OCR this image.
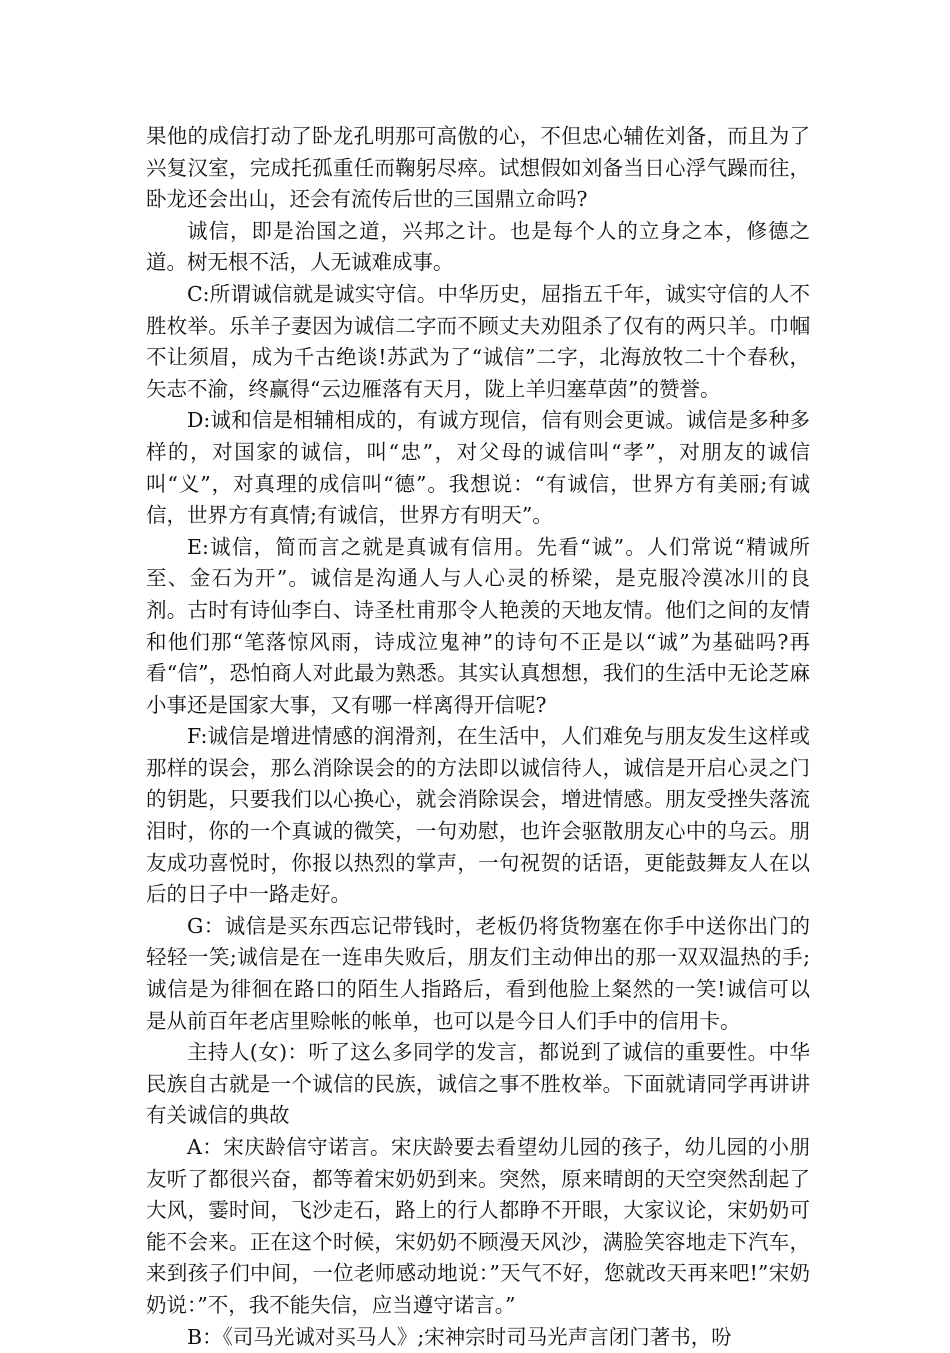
果他的成信打动了卧龙孔明那可高傲的心，不但忠心辅佐刘备，而且为了兴复汉室，完成托孤重任而鞠躬尽瘁。试想假如刘备当日心浮气躁而往，卧龙还会出山，还会有流传后世的三国鼎立命吗?

诚信，即是治国之道，兴邦之计。也是每个人的立身之本，修德之道。树无根不活，人无诚难成事。

C:所谓诚信就是诚实守信。中华历史，屈指五千年，诚实守信的人不胜枚举。乐羊子妻因为诚信二字而不顾丈夫劝阻杀了仅有的两只羊。巾帼不让须眉，成为千古绝谈!苏武为了“诚信”二字，北海放牧二十个春秋，矢志不渝，终赢得“云边雁落有天月，陇上羊归塞草茵”的赞誉。

D:诚和信是相辅相成的，有诚方现信，信有则会更诚。诚信是多种多样的，对国家的诚信，叫“忠”，对父母的诚信叫“孝”，对朋友的诚信叫“义”，对真理的成信叫“德”。我想说：“有诚信，世界方有美丽;有诚信，世界方有真情;有诚信，世界方有明天”。

E:诚信，简而言之就是真诚有信用。先看“诚”。人们常说“精诚所至、金石为开”。诚信是沟通人与人心灵的桥梁，是克服冷漠冰川的良剂。古时有诗仙李白、诗圣杜甫那令人艳羡的天地友情。他们之间的友情和他们那“笔落惊风雨，诗成泣鬼神”的诗句不正是以“诚”为基础吗?再看“信”，恐怕商人对此最为熟悉。其实认真想想，我们的生活中无论芝麻小事还是国家大事，又有哪一样离得开信呢?

F:诚信是增进情感的润滑剂，在生活中，人们难免与朋友发生这样或那样的误会，那么消除误会的的方法即以诚信待人，诚信是开启心灵之门的钥匙，只要我们以心换心，就会消除误会，增进情感。朋友受挫失落流泪时，你的一个真诚的微笑，一句劝慰，也许会驱散朋友心中的乌云。朋友成功喜悦时，你报以热烈的掌声，一句祝贺的话语，更能鼓舞友人在以后的日子中一路走好。

G：诚信是买东西忘记带钱时，老板仍将货物塞在你手中送你出门的轻轻一笑;诚信是在一连串失败后，朋友们主动伸出的那一双双温热的手;诚信是为徘徊在路口的陌生人指路后，看到他脸上粲然的一笑!诚信可以是从前百年老店里赊帐的帐单，也可以是今日人们手中的信用卡。

主持人(女)：听了这么多同学的发言，都说到了诚信的重要性。中华民族自古就是一个诚信的民族，诚信之事不胜枚举。下面就请同学再讲讲有关诚信的典故

A：宋庆龄信守诺言。宋庆龄要去看望幼儿园的孩子，幼儿园的小朋友听了都很兴奋，都等着宋奶奶到来。突然，原来晴朗的天空突然刮起了大风，霎时间，飞沙走石，路上的行人都睁不开眼，大家议论，宋奶奶可能不会来。正在这个时候，宋奶奶不顾漫天风沙，满脸笑容地走下汽车，来到孩子们中间，一位老师感动地说：”天气不好，您就改天再来吧!”宋奶奶说：”不，我不能失信，应当遵守诺言。”

B：《司马光诚对买马人》;宋神宗时司马光声言闭门著书，吩
